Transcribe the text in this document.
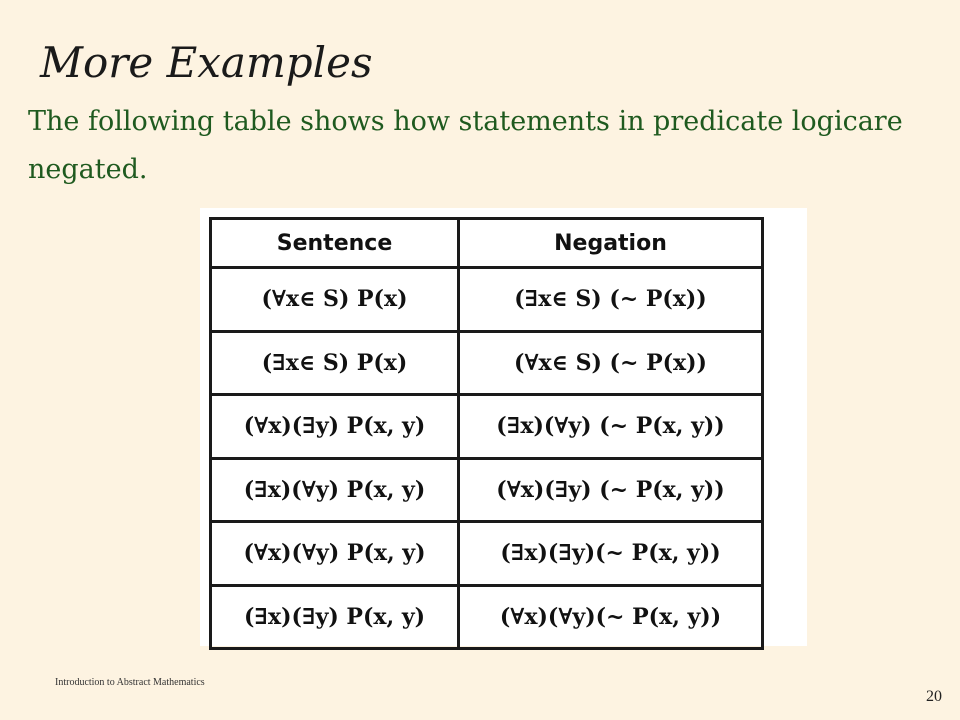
More Examples
The following table shows how statements in predicate logicare negated.
Sentence	Negation
(∀x∈ S) P(x)	(∃x∈ S) (~ P(x))
(∃x∈ S) P(x)	(∀x∈ S) (~ P(x))
(∀x)(∃y) P(x, y)	(∃x)(∀y) (~ P(x, y))
(∃x)(∀y) P(x, y)	(∀x)(∃y) (~ P(x, y))
(∀x)(∀y) P(x, y)	(∃x)(∃y)(~ P(x, y))
(∃x)(∃y) P(x, y)	(∀x)(∀y)(~ P(x, y))
Introduction to Abstract Mathematics
20
